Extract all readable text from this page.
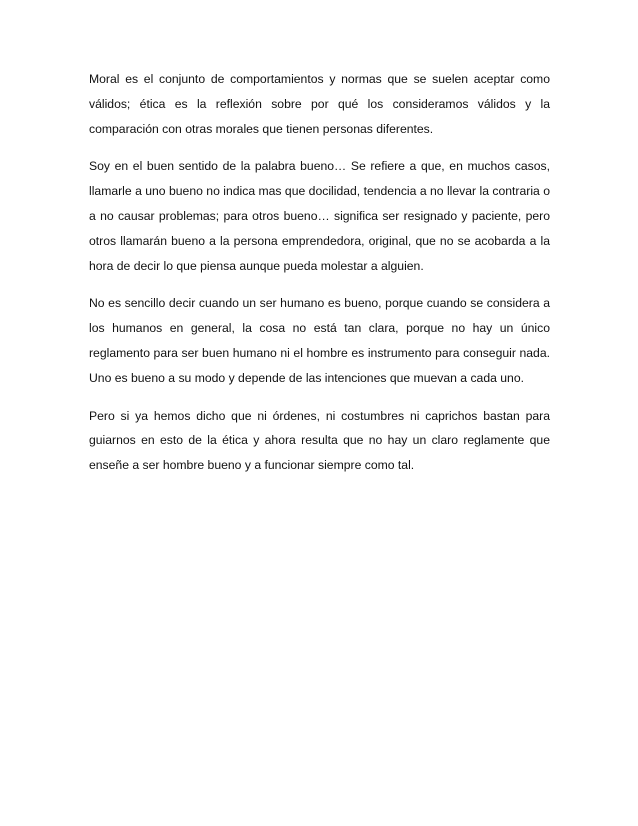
Moral es el conjunto de comportamientos y normas que se suelen aceptar como válidos; ética es la reflexión sobre por qué los consideramos válidos y la comparación con otras morales que tienen personas diferentes.

Soy en el buen sentido de la palabra bueno… Se refiere a que, en muchos casos, llamarle a uno bueno no indica mas que docilidad, tendencia a no llevar la contraria o a no causar problemas; para otros bueno… significa ser resignado y paciente, pero otros llamarán bueno a la persona emprendedora, original, que no se acobarda a la hora de decir lo que piensa aunque pueda molestar a alguien.

No es sencillo decir cuando un ser humano es bueno, porque cuando se considera a los humanos en general, la cosa no está tan clara, porque no hay un único reglamento para ser buen humano ni el hombre es instrumento para conseguir nada. Uno es bueno a su modo y depende de las intenciones que muevan a cada uno.

Pero si ya hemos dicho que ni órdenes, ni costumbres ni caprichos bastan para guiarnos en esto de la ética y ahora resulta que no hay un claro reglamente que enseñe a ser hombre bueno y a funcionar siempre como tal.
